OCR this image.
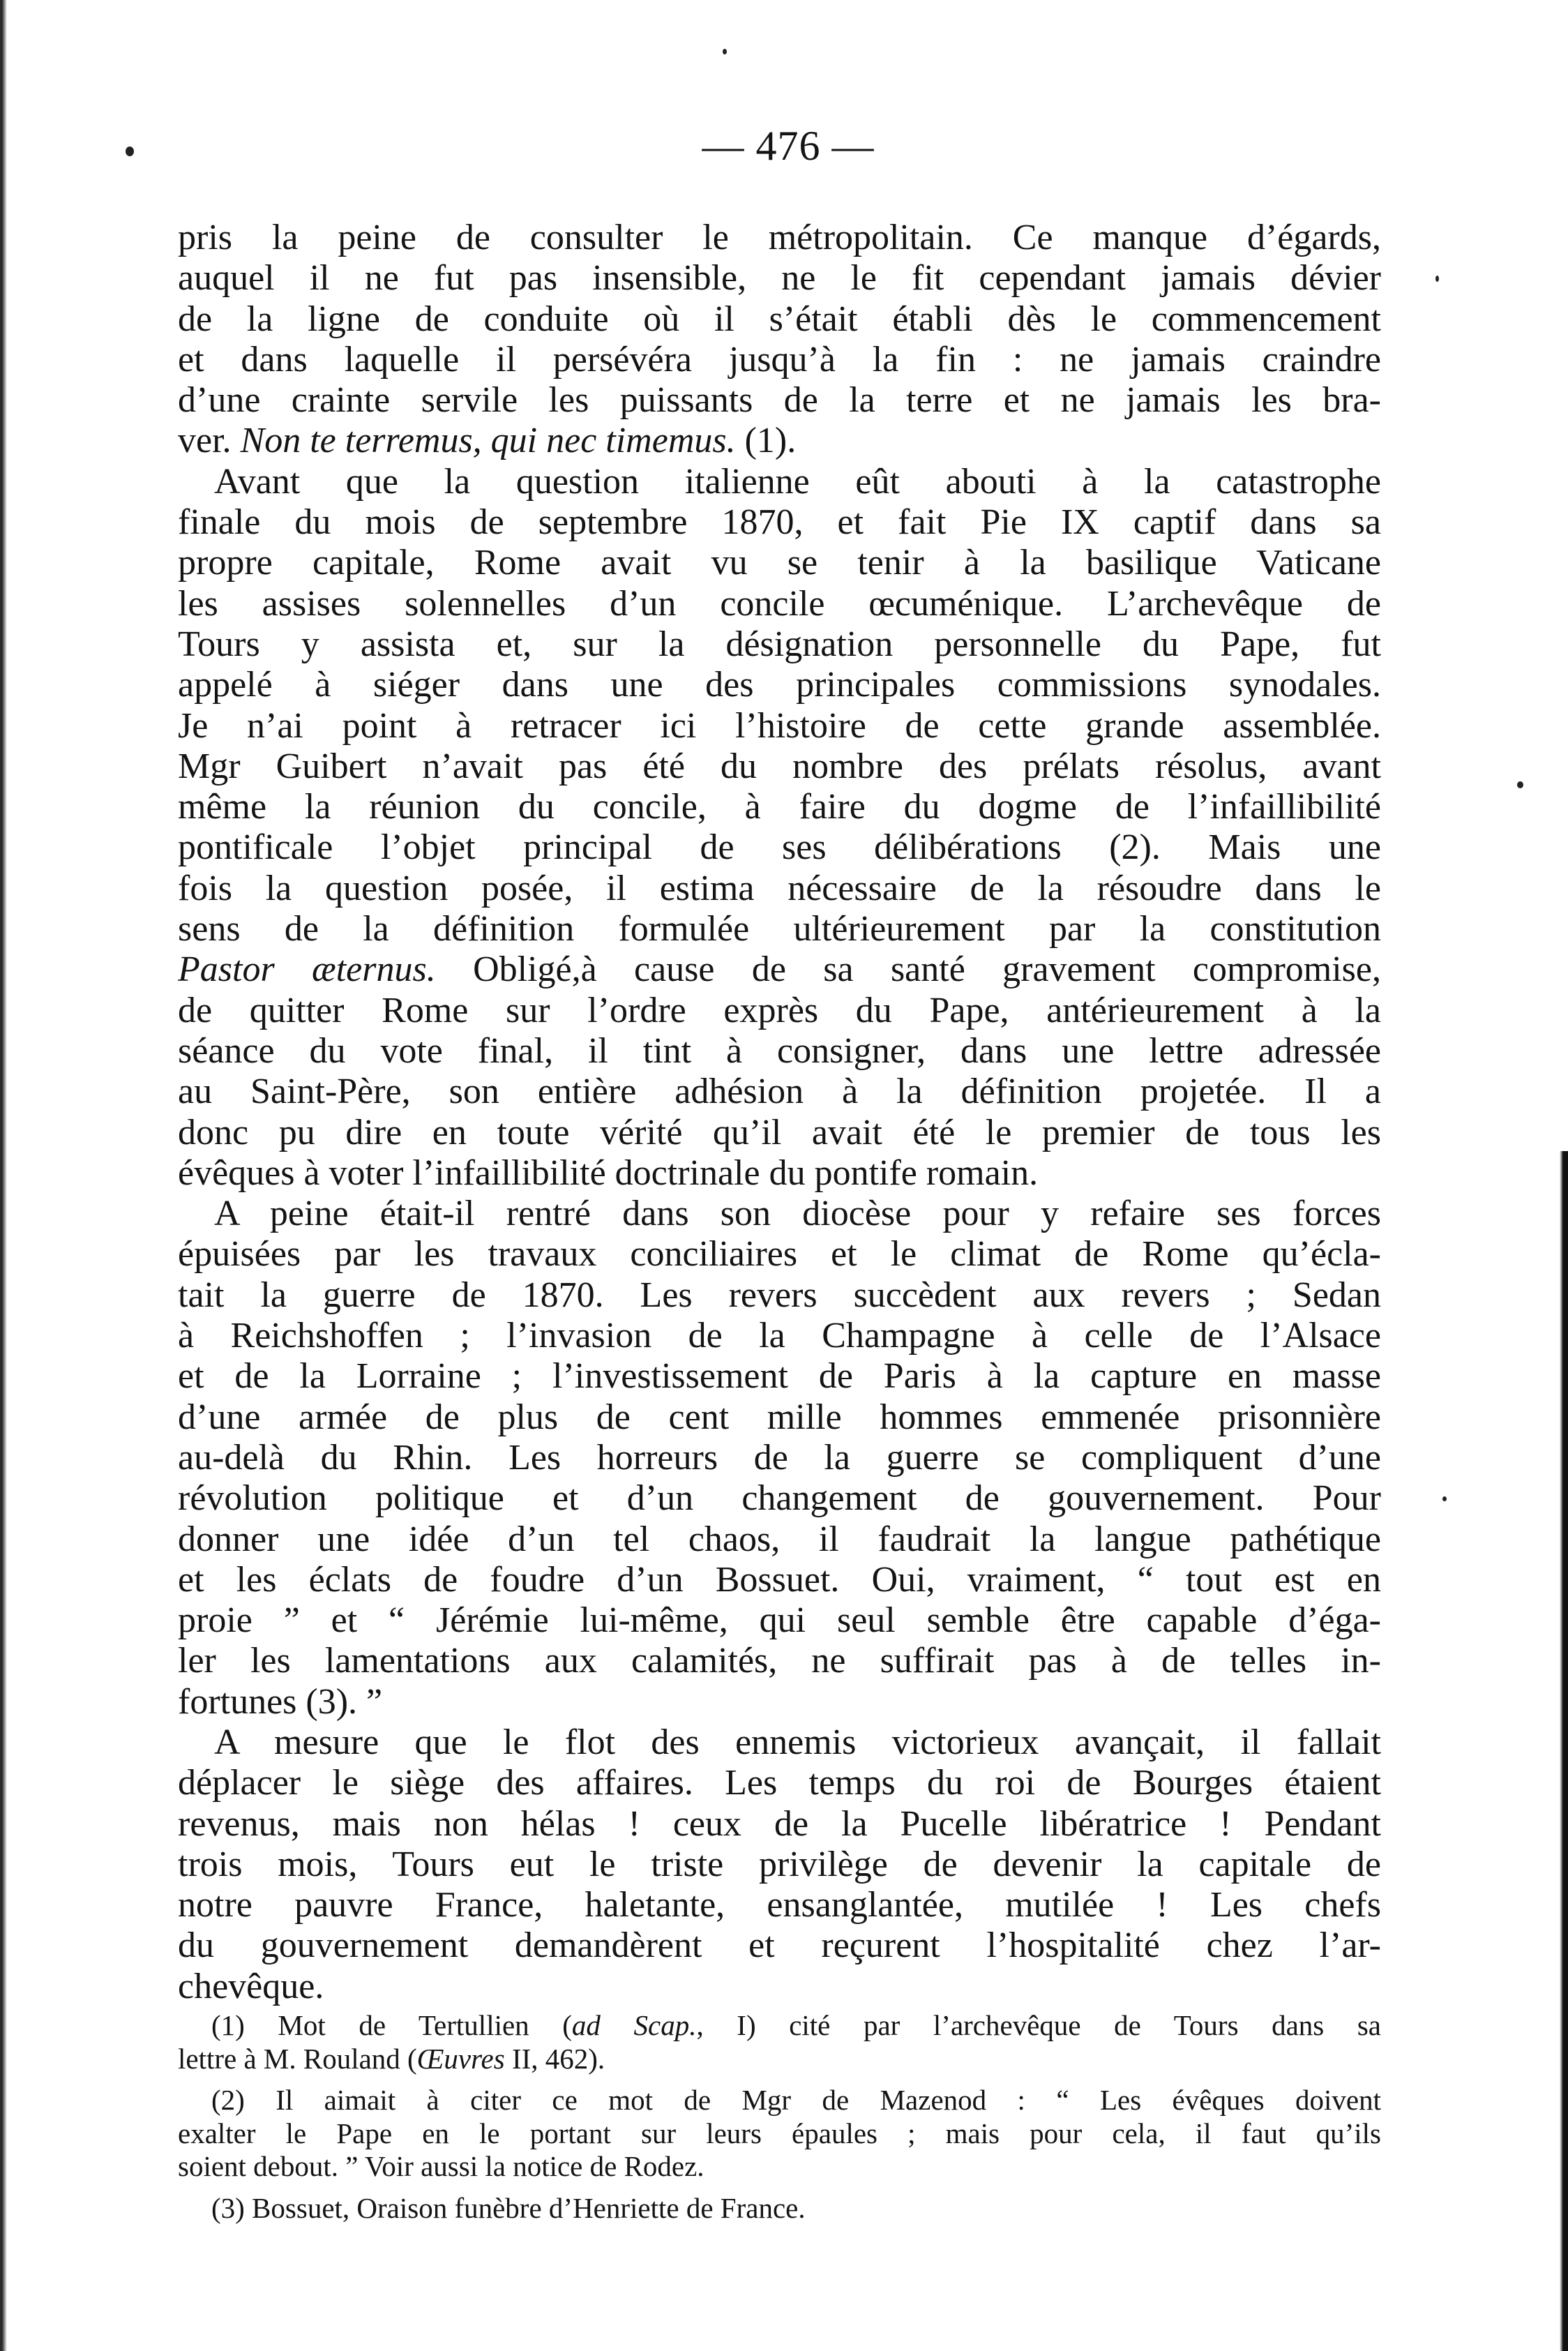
— 476 —
pris la peine de consulter le métropolitain. Ce manque d’égards,
auquel il ne fut pas insensible, ne le fit cependant jamais dévier
de la ligne de conduite où il s’était établi dès le commencement
et dans laquelle il persévéra jusqu’à la fin : ne jamais craindre
d’une crainte servile les puissants de la terre et ne jamais les bra-
ver. Non te terremus, qui nec timemus. (1).
Avant que la question italienne eût abouti à la catastrophe
finale du mois de septembre 1870, et fait Pie IX captif dans sa
propre capitale, Rome avait vu se tenir à la basilique Vaticane
les assises solennelles d’un concile œcuménique. L’archevêque de
Tours y assista et, sur la désignation personnelle du Pape, fut
appelé à siéger dans une des principales commissions synodales.
Je n’ai point à retracer ici l’histoire de cette grande assemblée.
Mgr Guibert n’avait pas été du nombre des prélats résolus, avant
même la réunion du concile, à faire du dogme de l’infaillibilité
pontificale l’objet principal de ses délibérations (2). Mais une
fois la question posée, il estima nécessaire de la résoudre dans le
sens de la définition formulée ultérieurement par la constitution
Pastor æternus. Obligé,à cause de sa santé gravement compromise,
de quitter Rome sur l’ordre exprès du Pape, antérieurement à la
séance du vote final, il tint à consigner, dans une lettre adressée
au Saint-Père, son entière adhésion à la définition projetée. Il a
donc pu dire en toute vérité qu’il avait été le premier de tous les
évêques à voter l’infaillibilité doctrinale du pontife romain.
A peine était-il rentré dans son diocèse pour y refaire ses forces
épuisées par les travaux conciliaires et le climat de Rome qu’écla-
tait la guerre de 1870. Les revers succèdent aux revers ; Sedan
à Reichshoffen ; l’invasion de la Champagne à celle de l’Alsace
et de la Lorraine ; l’investissement de Paris à la capture en masse
d’une armée de plus de cent mille hommes emmenée prisonnière
au-delà du Rhin. Les horreurs de la guerre se compliquent d’une
révolution politique et d’un changement de gouvernement. Pour
donner une idée d’un tel chaos, il faudrait la langue pathétique
et les éclats de foudre d’un Bossuet. Oui, vraiment, “ tout est en
proie ” et “ Jérémie lui-même, qui seul semble être capable d’éga-
ler les lamentations aux calamités, ne suffirait pas à de telles in-
fortunes (3). ”
A mesure que le flot des ennemis victorieux avançait, il fallait
déplacer le siège des affaires. Les temps du roi de Bourges étaient
revenus, mais non hélas ! ceux de la Pucelle libératrice ! Pendant
trois mois, Tours eut le triste privilège de devenir la capitale de
notre pauvre France, haletante, ensanglantée, mutilée ! Les chefs
du gouvernement demandèrent et reçurent l’hospitalité chez l’ar-
chevêque.
(1) Mot de Tertullien (ad Scap., I) cité par l’archevêque de Tours dans sa
lettre à M. Rouland (Œuvres II, 462).
(2) Il aimait à citer ce mot de Mgr de Mazenod : “ Les évêques doivent
exalter le Pape en le portant sur leurs épaules ; mais pour cela, il faut qu’ils
soient debout. ” Voir aussi la notice de Rodez.
(3) Bossuet, Oraison funèbre d’Henriette de France.
